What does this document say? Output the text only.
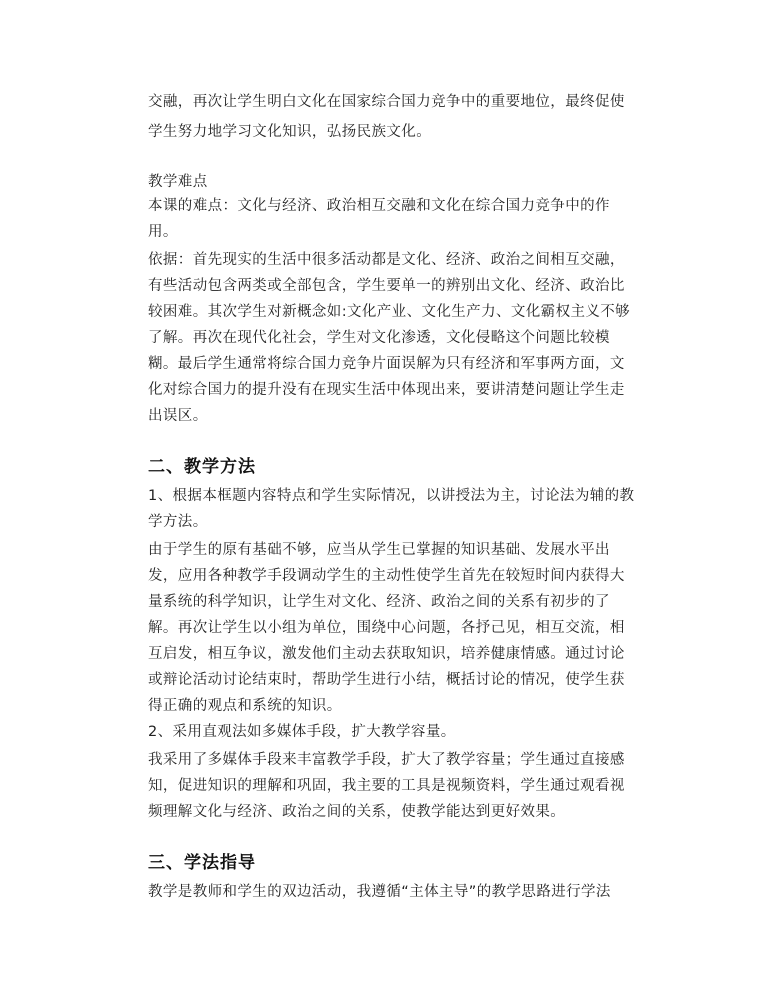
交融，再次让学生明白文化在国家综合国力竞争中的重要地位，最终促使
学生努力地学习文化知识，弘扬民族文化。
教学难点
本课的难点：文化与经济、政治相互交融和文化在综合国力竞争中的作
用。
依据：首先现实的生活中很多活动都是文化、经济、政治之间相互交融，
有些活动包含两类或全部包含，学生要单一的辨别出文化、经济、政治比
较困难。其次学生对新概念如:文化产业、文化生产力、文化霸权主义不够
了解。再次在现代化社会，学生对文化渗透，文化侵略这个问题比较模
糊。最后学生通常将综合国力竞争片面误解为只有经济和军事两方面，文
化对综合国力的提升没有在现实生活中体现出来，要讲清楚问题让学生走
出误区。
二、教学方法
1、根据本框题内容特点和学生实际情况，以讲授法为主，讨论法为辅的教
学方法。
由于学生的原有基础不够，应当从学生已掌握的知识基础、发展水平出
发，应用各种教学手段调动学生的主动性使学生首先在较短时间内获得大
量系统的科学知识，让学生对文化、经济、政治之间的关系有初步的了
解。再次让学生以小组为单位，围绕中心问题，各抒己见，相互交流，相
互启发，相互争议，激发他们主动去获取知识，培养健康情感。通过讨论
或辩论活动讨论结束时，帮助学生进行小结，概括讨论的情况，使学生获
得正确的观点和系统的知识。
2、采用直观法如多媒体手段，扩大教学容量。
我采用了多媒体手段来丰富教学手段，扩大了教学容量；学生通过直接感
知，促进知识的理解和巩固，我主要的工具是视频资料，学生通过观看视
频理解文化与经济、政治之间的关系，使教学能达到更好效果。
三、学法指导
教学是教师和学生的双边活动，我遵循“主体主导”的教学思路进行学法
